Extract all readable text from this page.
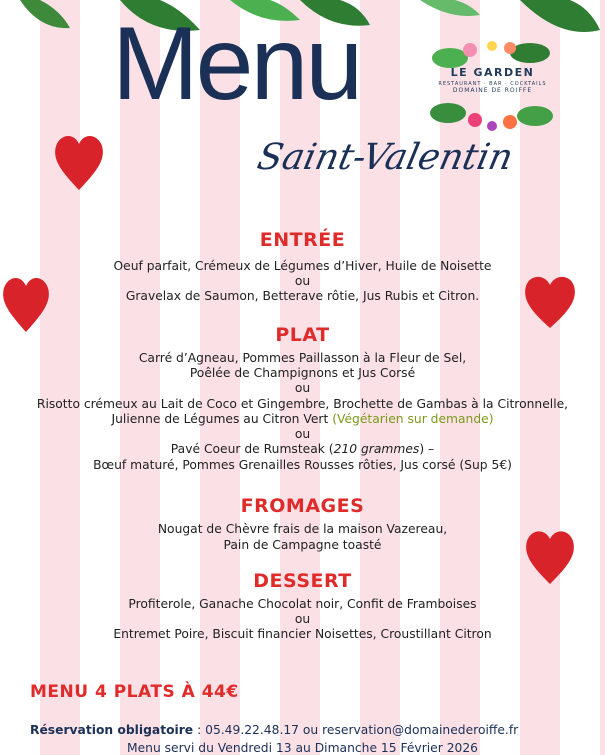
LE GARDEN
RESTAURANT · BAR · COCKTAILS
DOMAINE DE ROIFFE
Menu
Saint-Valentin
ENTRÉE
Oeuf parfait, Crémeux de Légumes d’Hiver, Huile de Noisette
ou
Gravelax de Saumon, Betterave rôtie, Jus Rubis et Citron.
PLAT
Carré d’Agneau, Pommes Paillasson à la Fleur de Sel,
Poêlée de Champignons et Jus Corsé
ou
Risotto crémeux au Lait de Coco et Gingembre, Brochette de Gambas à la Citronnelle,
Julienne de Légumes au Citron Vert (Végétarien sur demande)
ou
Pavé Coeur de Rumsteak (210 grammes) –
Bœuf maturé, Pommes Grenailles Rousses rôties, Jus corsé (Sup 5€)
FROMAGES
Nougat de Chèvre frais de la maison Vazereau,
Pain de Campagne toasté
DESSERT
Profiterole, Ganache Chocolat noir, Confit de Framboises
ou
Entremet Poire, Biscuit financier Noisettes, Croustillant Citron
MENU 4 PLATS À 44€
Réservation obligatoire : 05.49.22.48.17 ou reservation@domainederoiffe.fr
Menu servi du Vendredi 13 au Dimanche 15 Février 2026
